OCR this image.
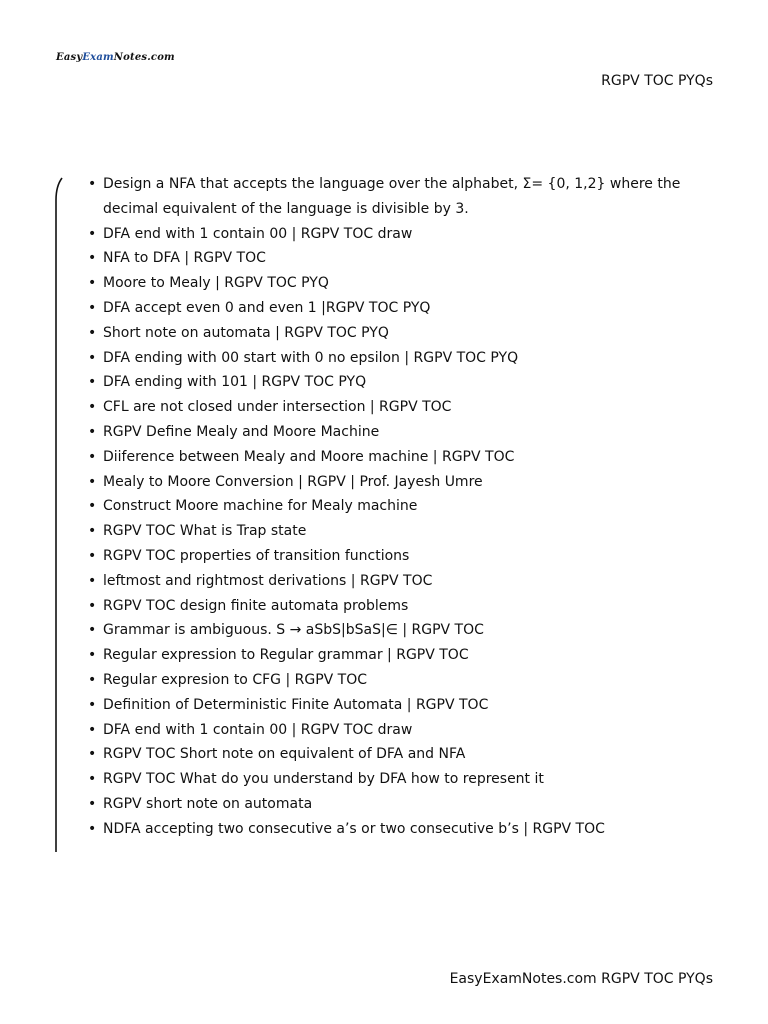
EasyExamNotes.com
RGPV TOC PYQs
• Design a NFA that accepts the language over the alphabet, Σ= {0, 1,2} where the decimal equivalent of the language is divisible by 3.
• DFA end with 1 contain 00 | RGPV TOC draw
• NFA to DFA | RGPV TOC
• Moore to Mealy | RGPV TOC PYQ
• DFA accept even 0 and even 1 |RGPV TOC PYQ
• Short note on automata | RGPV TOC PYQ
• DFA ending with 00 start with 0 no epsilon | RGPV TOC PYQ
• DFA ending with 101 | RGPV TOC PYQ
• CFL are not closed under intersection | RGPV TOC
• RGPV Define Mealy and Moore Machine
• Diiference between Mealy and Moore machine | RGPV TOC
• Mealy to Moore Conversion | RGPV | Prof. Jayesh Umre
• Construct Moore machine for Mealy machine
• RGPV TOC What is Trap state
• RGPV TOC properties of transition functions
• leftmost and rightmost derivations | RGPV TOC
• RGPV TOC design finite automata problems
• Grammar is ambiguous. S → aSbS|bSaS|∈ | RGPV TOC
• Regular expression to Regular grammar | RGPV TOC
• Regular expresion to CFG | RGPV TOC
• Definition of Deterministic Finite Automata | RGPV TOC
• DFA end with 1 contain 00 | RGPV TOC draw
• RGPV TOC Short note on equivalent of DFA and NFA
• RGPV TOC What do you understand by DFA how to represent it
• RGPV short note on automata
• NDFA accepting two consecutive a’s or two consecutive b’s | RGPV TOC
EasyExamNotes.com RGPV TOC PYQs
